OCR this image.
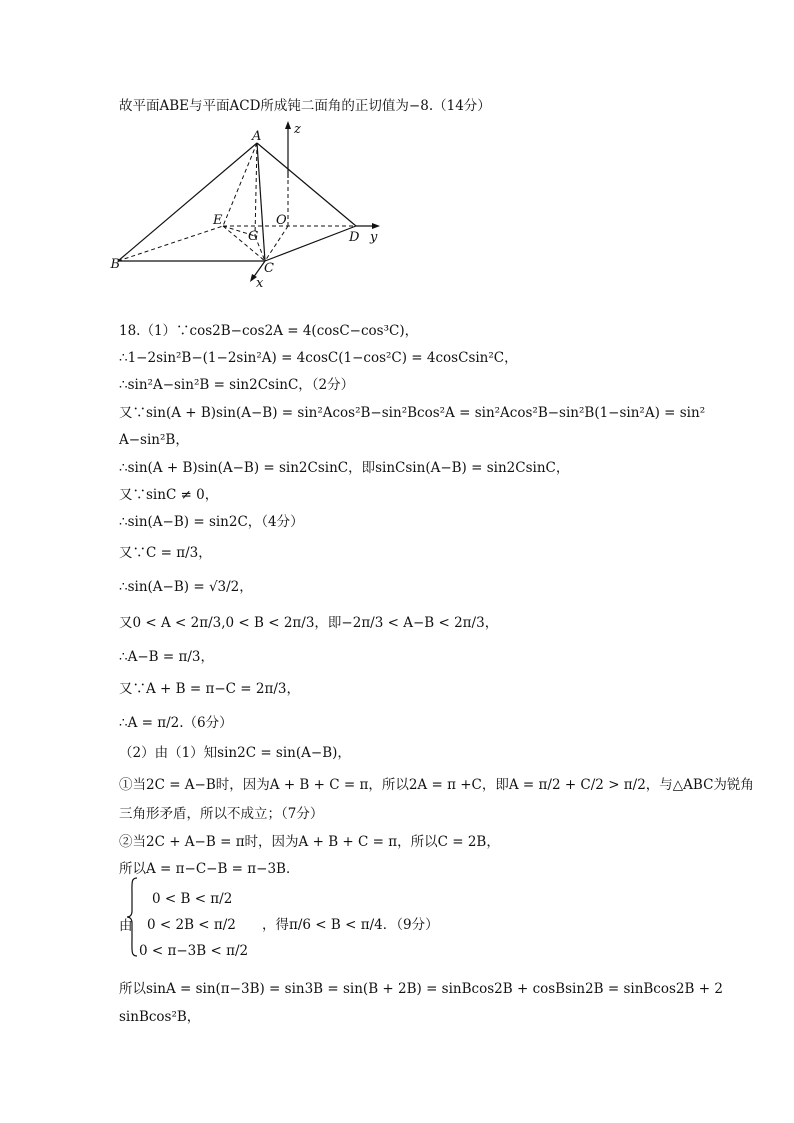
故平面ABE与平面ACD所成钝二面角的正切值为−8.（14分）
A
B	C
D
E
G
O
x
y
z
18.（1）∵cos2B−cos2A = 4(cosC−cos³C)，
∴1−2sin²B−(1−2sin²A) = 4cosC(1−cos²C) = 4cosCsin²C，
∴sin²A−sin²B = sin2CsinC，（2分）
又∵sin(A + B)sin(A−B) = sin²Acos²B−sin²Bcos²A = sin²Acos²B−sin²B(1−sin²A) = sin²
A−sin²B，
∴sin(A + B)sin(A−B) = sin2CsinC，即sinCsin(A−B) = sin2CsinC，
又∵sinC ≠ 0，
∴sin(A−B) = sin2C，（4分）
又∵C = π/3，
∴sin(A−B) = √3/2，
又0 < A < 2π/3,0 < B < 2π/3，即−2π/3 < A−B < 2π/3，
∴A−B = π/3，
又∵A + B = π−C = 2π/3，
∴A = π/2.（6分）
（2）由（1）知sin2C = sin(A−B)，
①当2C = A−B时，因为A + B + C = π，所以2A = π +C，即A = π/2 + C/2 > π/2，与△ABC为锐角
三角形矛盾，所以不成立；（7分）
②当2C + A−B = π时，因为A + B + C = π，所以C = 2B，
所以A = π−C−B = π−3B．
由
0 < B < π/2
0 < 2B < π/2
0 < π−3B < π/2
，得π/6 < B < π/4．（9分）
所以sinA = sin(π−3B) = sin3B = sin(B + 2B) = sinBcos2B + cosBsin2B = sinBcos2B + 2
sinBcos²B，
